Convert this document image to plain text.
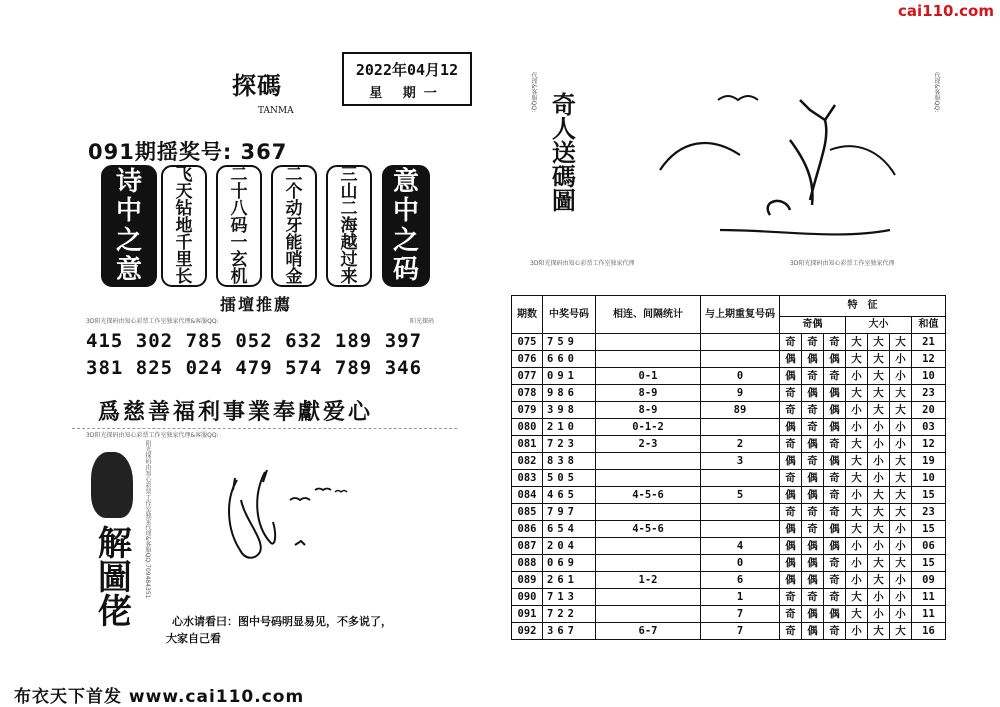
cai110.com
探碼
TANMA
2022年04月12
星 期一
091期揺奖号: 367
诗
中
之
意
飞
天
钻
地
千
里
长
二
十
八
码
一
玄
机
二
个
动
牙
能
哨
金
三
山
二
海
越
过
来
意
中
之
码
擂壇推薦
3D阳光探码由知心彩票工作室独家代理&客服QQ:	阳光探码
415 302 785 052 632 189 397
381 825 024 479 574 789 346
爲慈善福利事業奉獻爱心
3D阳光探码由知心彩票工作室独家代理&客服QQ:
解圖佬
阳光探码由知心彩票工作室独家代理&客服QQ:709484351
心水请看曰：图中号码明显易见，不多说了，
大家自己看
奇人送碼圖
代理&客服QQ:	代理&客服QQ:
3D阳光探码由知心彩票工作室独家代理	3D阳光探码由知心彩票工作室独家代理
期数	中奖号码	相连、间隔统计	与上期重复号码	特　征						
				奇偶			大小			和值
075	759			奇	奇	奇	大	大	大	21
076	660			偶	偶	偶	大	大	小	12
077	091	0-1	0	偶	奇	奇	小	大	小	10
078	986	8-9	9	奇	偶	偶	大	大	大	23
079	398	8-9	89	奇	奇	偶	小	大	大	20
080	210	0-1-2		偶	奇	偶	小	小	小	03
081	723	2-3	2	奇	偶	奇	大	小	小	12
082	838		3	偶	奇	偶	大	小	大	19
083	505			奇	偶	奇	大	小	大	10
084	465	4-5-6	5	偶	偶	奇	小	大	大	15
085	797			奇	奇	奇	大	大	大	23
086	654	4-5-6		偶	奇	偶	大	大	小	15
087	204		4	偶	偶	偶	小	小	小	06
088	069		0	偶	偶	奇	小	大	大	15
089	261	1-2	6	偶	偶	奇	小	大	小	09
090	713		1	奇	奇	奇	大	小	小	11
091	722		7	奇	偶	偶	大	小	小	11
092	367	6-7	7	奇	偶	奇	小	大	大	16
布衣天下首发 www.cai110.com
